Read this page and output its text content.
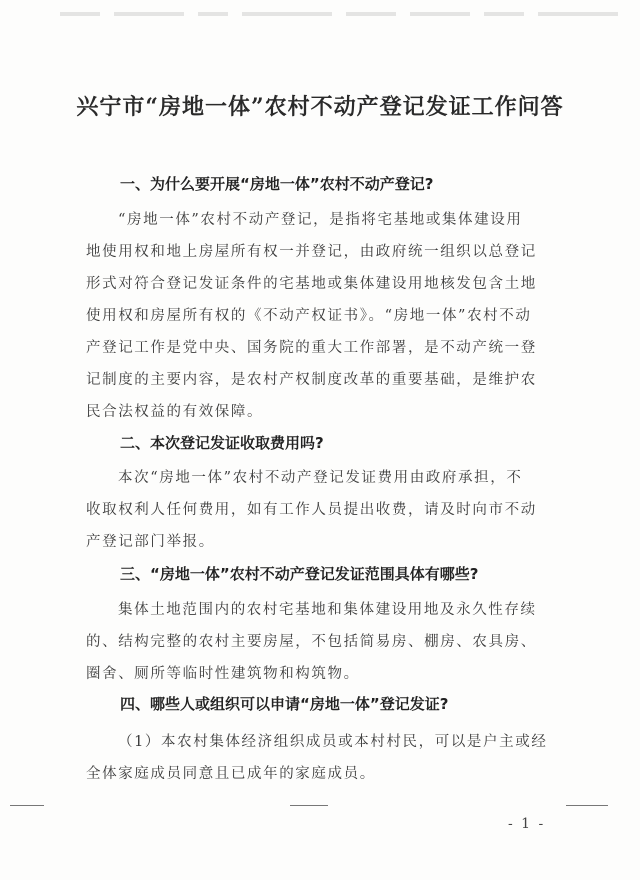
兴宁市“房地一体”农村不动产登记发证工作问答
一、为什么要开展“房地一体”农村不动产登记?
“房地一体”农村不动产登记，是指将宅基地或集体建设用
地使用权和地上房屋所有权一并登记，由政府统一组织以总登记
形式对符合登记发证条件的宅基地或集体建设用地核发包含土地
使用权和房屋所有权的《不动产权证书》。“房地一体”农村不动
产登记工作是党中央、国务院的重大工作部署，是不动产统一登
记制度的主要内容，是农村产权制度改革的重要基础，是维护农
民合法权益的有效保障。
二、本次登记发证收取费用吗?
本次“房地一体”农村不动产登记发证费用由政府承担，不
收取权利人任何费用，如有工作人员提出收费，请及时向市不动
产登记部门举报。
三、“房地一体”农村不动产登记发证范围具体有哪些?
集体土地范围内的农村宅基地和集体建设用地及永久性存续
的、结构完整的农村主要房屋，不包括简易房、棚房、农具房、
圈舍、厕所等临时性建筑物和构筑物。
四、哪些人或组织可以申请“房地一体”登记发证?
（1）本农村集体经济组织成员或本村村民，可以是户主或经
全体家庭成员同意且已成年的家庭成员。
- 1 -
